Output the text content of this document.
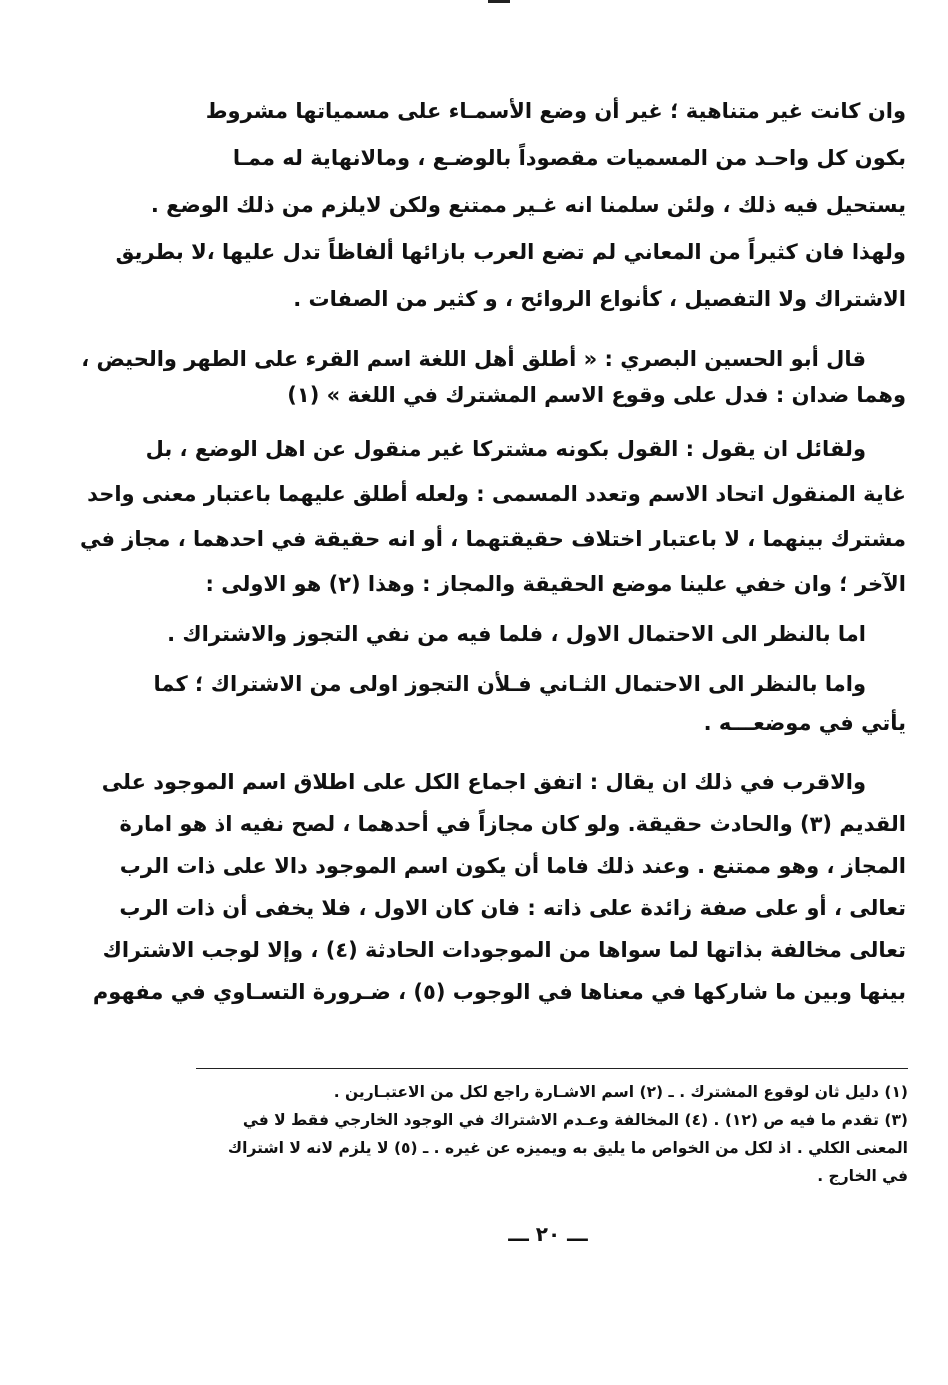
وان كانت غير متناهية ؛ غير أن وضع الأسمـاء على مسمياتها مشروط
بكون كل واحـد من المسميات مقصوداً بالوضـع ، ومالانهاية له ممـا
يستحيل فيه ذلك ، ولئن سلمنا انه غـير ممتنع ولكن لايلزم من ذلك الوضع .
ولهذا فان كثيراً من المعاني لم تضع العرب بازائها ألفاظاً تدل عليها ،لا بطريق
الاشتراك ولا التفصيل ، كأنواع الروائح ، و كثير من الصفات .
قال أبو الحسين البصري : « أطلق أهل اللغة اسم القرء على الطهر والحيض ،
وهما ضدان : فدل على وقوع الاسم المشترك في اللغة » (١)
ولقائل ان يقول : القول بكونه مشتركا غير منقول عن اهل الوضع ، بل
غاية المنقول اتحاد الاسم وتعدد المسمى : ولعله أطلق عليهما باعتبار معنى واحد
مشترك بينهما ، لا باعتبار اختلاف حقيقتهما ، أو انه حقيقة في احدهما ، مجاز في
الآخر ؛ وان خفي علينا موضع الحقيقة والمجاز : وهذا (٢) هو الاولى :
اما بالنظر الى الاحتمال الاول ، فلما فيه من نفي التجوز والاشتراك .
واما بالنظر الى الاحتمال الثـاني فـلأن التجوز اولى من الاشتراك ؛ كما
يأتي في موضعـــه .
والاقرب في ذلك ان يقال : اتفق اجماع الكل على اطلاق اسم الموجود على
القديم (٣) والحادث حقيقة. ولو كان مجازاً في أحدهما ، لصح نفيه اذ هو امارة
المجاز ، وهو ممتنع . وعند ذلك فاما أن يكون اسم الموجود دالا على ذات الرب
تعالى ، أو على صفة زائدة على ذاته : فان كان الاول ، فلا يخفى أن ذات الرب
تعالى مخالفة بذاتها لما سواها من الموجودات الحادثة (٤) ، وإلا لوجب الاشتراك
بينها وبين ما شاركها في معناها في الوجوب (٥) ، ضـرورة التسـاوي في مفهوم
(١) دليل ثان لوقوع المشترك . ـ (٢) اسم الاشـارة راجع لكل من الاعتبـارين .
(٣) تقدم ما فيه ص (١٢) . (٤) المخالفة وعـدم الاشتراك في الوجود الخارجي فقط لا في
المعنى الكلي . اذ لكل من الخواص ما يليق به ويميزه عن غيره . ـ (٥) لا يلزم لانه لا اشتراك
في الخارج .
ـــ ٢٠ ـــ
